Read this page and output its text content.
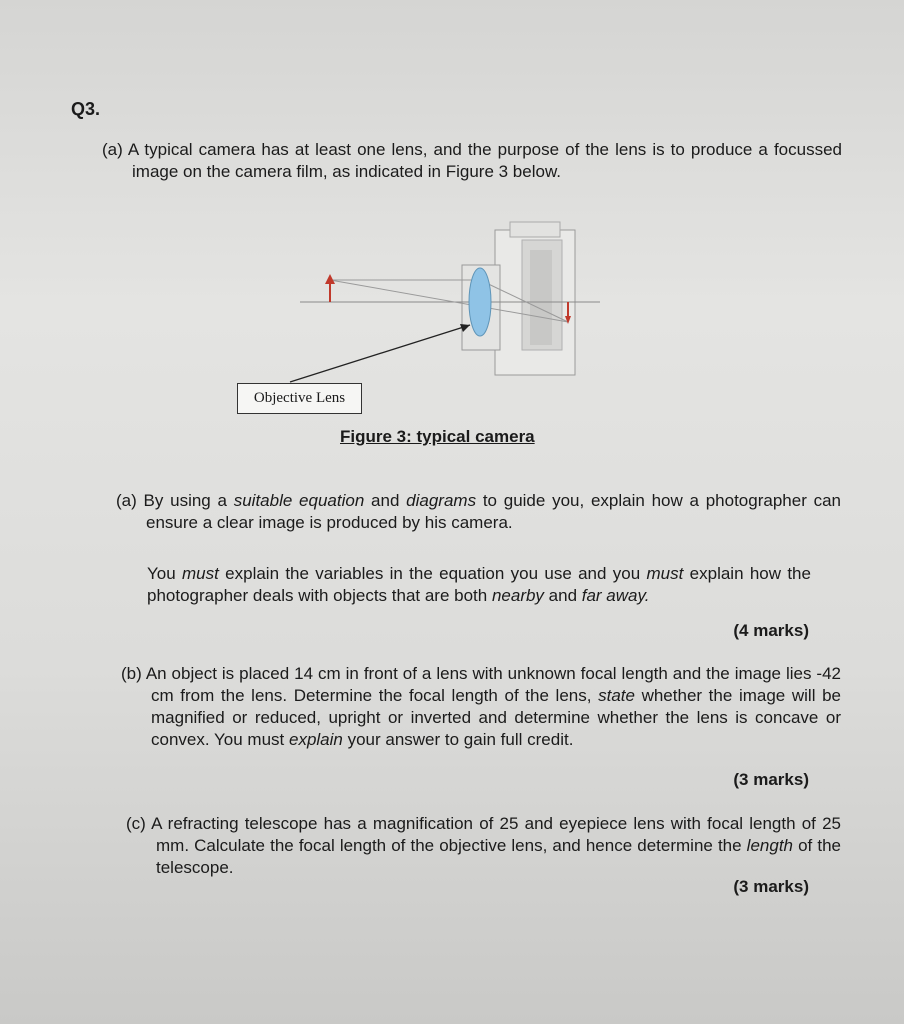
Q3.
(a) A typical camera has at least one lens, and the purpose of the lens is to produce a focussed image on the camera film, as indicated in Figure 3 below.
Objective Lens
Figure 3: typical camera
(a) By using a suitable equation and diagrams to guide you, explain how a photographer can ensure a clear image is produced by his camera.
You must explain the variables in the equation you use and you must explain how the photographer deals with objects that are both nearby and far away.
(4 marks)
(b) An object is placed 14 cm in front of a lens with unknown focal length and the image lies -42 cm from the lens. Determine the focal length of the lens, state whether the image will be magnified or reduced, upright or inverted and determine whether the lens is concave or convex. You must explain your answer to gain full credit.
(3 marks)
(c) A refracting telescope has a magnification of 25 and eyepiece lens with focal length of 25 mm. Calculate the focal length of the objective lens, and hence determine the length of the telescope.
(3 marks)
